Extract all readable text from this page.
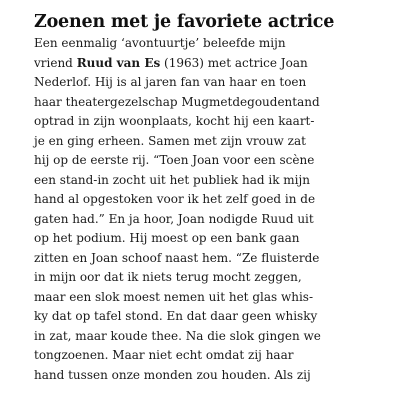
Zoenen met je favoriete actrice

Een eenmalig ‘avontuurtje’ beleefde mijn
vriend Ruud van Es (1963) met actrice Joan
Nederlof. Hij is al jaren fan van haar en toen
haar theatergezelschap Mugmetdegoudentand
optrad in zijn woonplaats, kocht hij een kaart-
je en ging erheen. Samen met zijn vrouw zat
hij op de eerste rij. “Toen Joan voor een scène
een stand-in zocht uit het publiek had ik mijn
hand al opgestoken voor ik het zelf goed in de
gaten had.” En ja hoor, Joan nodigde Ruud uit
op het podium. Hij moest op een bank gaan
zitten en Joan schoof naast hem. “Ze fluisterde
in mijn oor dat ik niets terug mocht zeggen,
maar een slok moest nemen uit het glas whis-
ky dat op tafel stond. En dat daar geen whisky
in zat, maar koude thee. Na die slok gingen we
tongzoenen. Maar niet echt omdat zij haar
hand tussen onze monden zou houden. Als zij
